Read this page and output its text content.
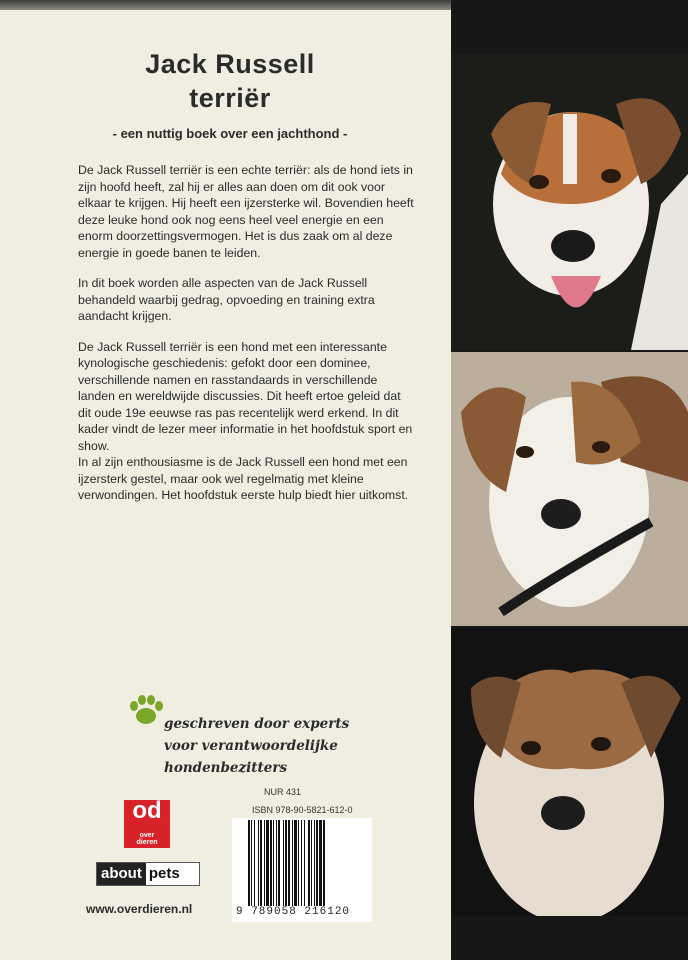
Jack Russell
terriër
- een nuttig boek over een jachthond -

De Jack Russell terriër is een echte terriër: als de hond iets in zijn hoofd heeft, zal hij er alles aan doen om dit ook voor elkaar te krijgen. Hij heeft een ijzersterke wil. Bovendien heeft deze leuke hond ook nog eens heel veel energie en een enorm doorzettingsvermogen. Het is dus zaak om al deze energie in goede banen te leiden.

In dit boek worden alle aspecten van de Jack Russell behandeld waarbij gedrag, opvoeding en training extra aandacht krijgen.

De Jack Russell terriër is een hond met een interessante kynologische geschiedenis: gefokt door een dominee, verschillende namen en rasstandaards in verschillende landen en wereldwijde discussies. Dit heeft ertoe geleid dat dit oude 19e eeuwse ras pas recentelijk werd erkend. In dit kader vindt de lezer meer informatie in het hoofdstuk sport en show.
In al zijn enthousiasme is de Jack Russell een hond met een ijzersterk gestel, maar ook wel regelmatig met kleine verwondingen. Het hoofdstuk eerste hulp biedt hier uitkomst.

geschreven door experts
voor verantwoordelijke
hondenbezitters
od
over
dieren
about pets
www.overdieren.nl
NUR 431
ISBN 978-90-5821-612-0
9 789058 216120
